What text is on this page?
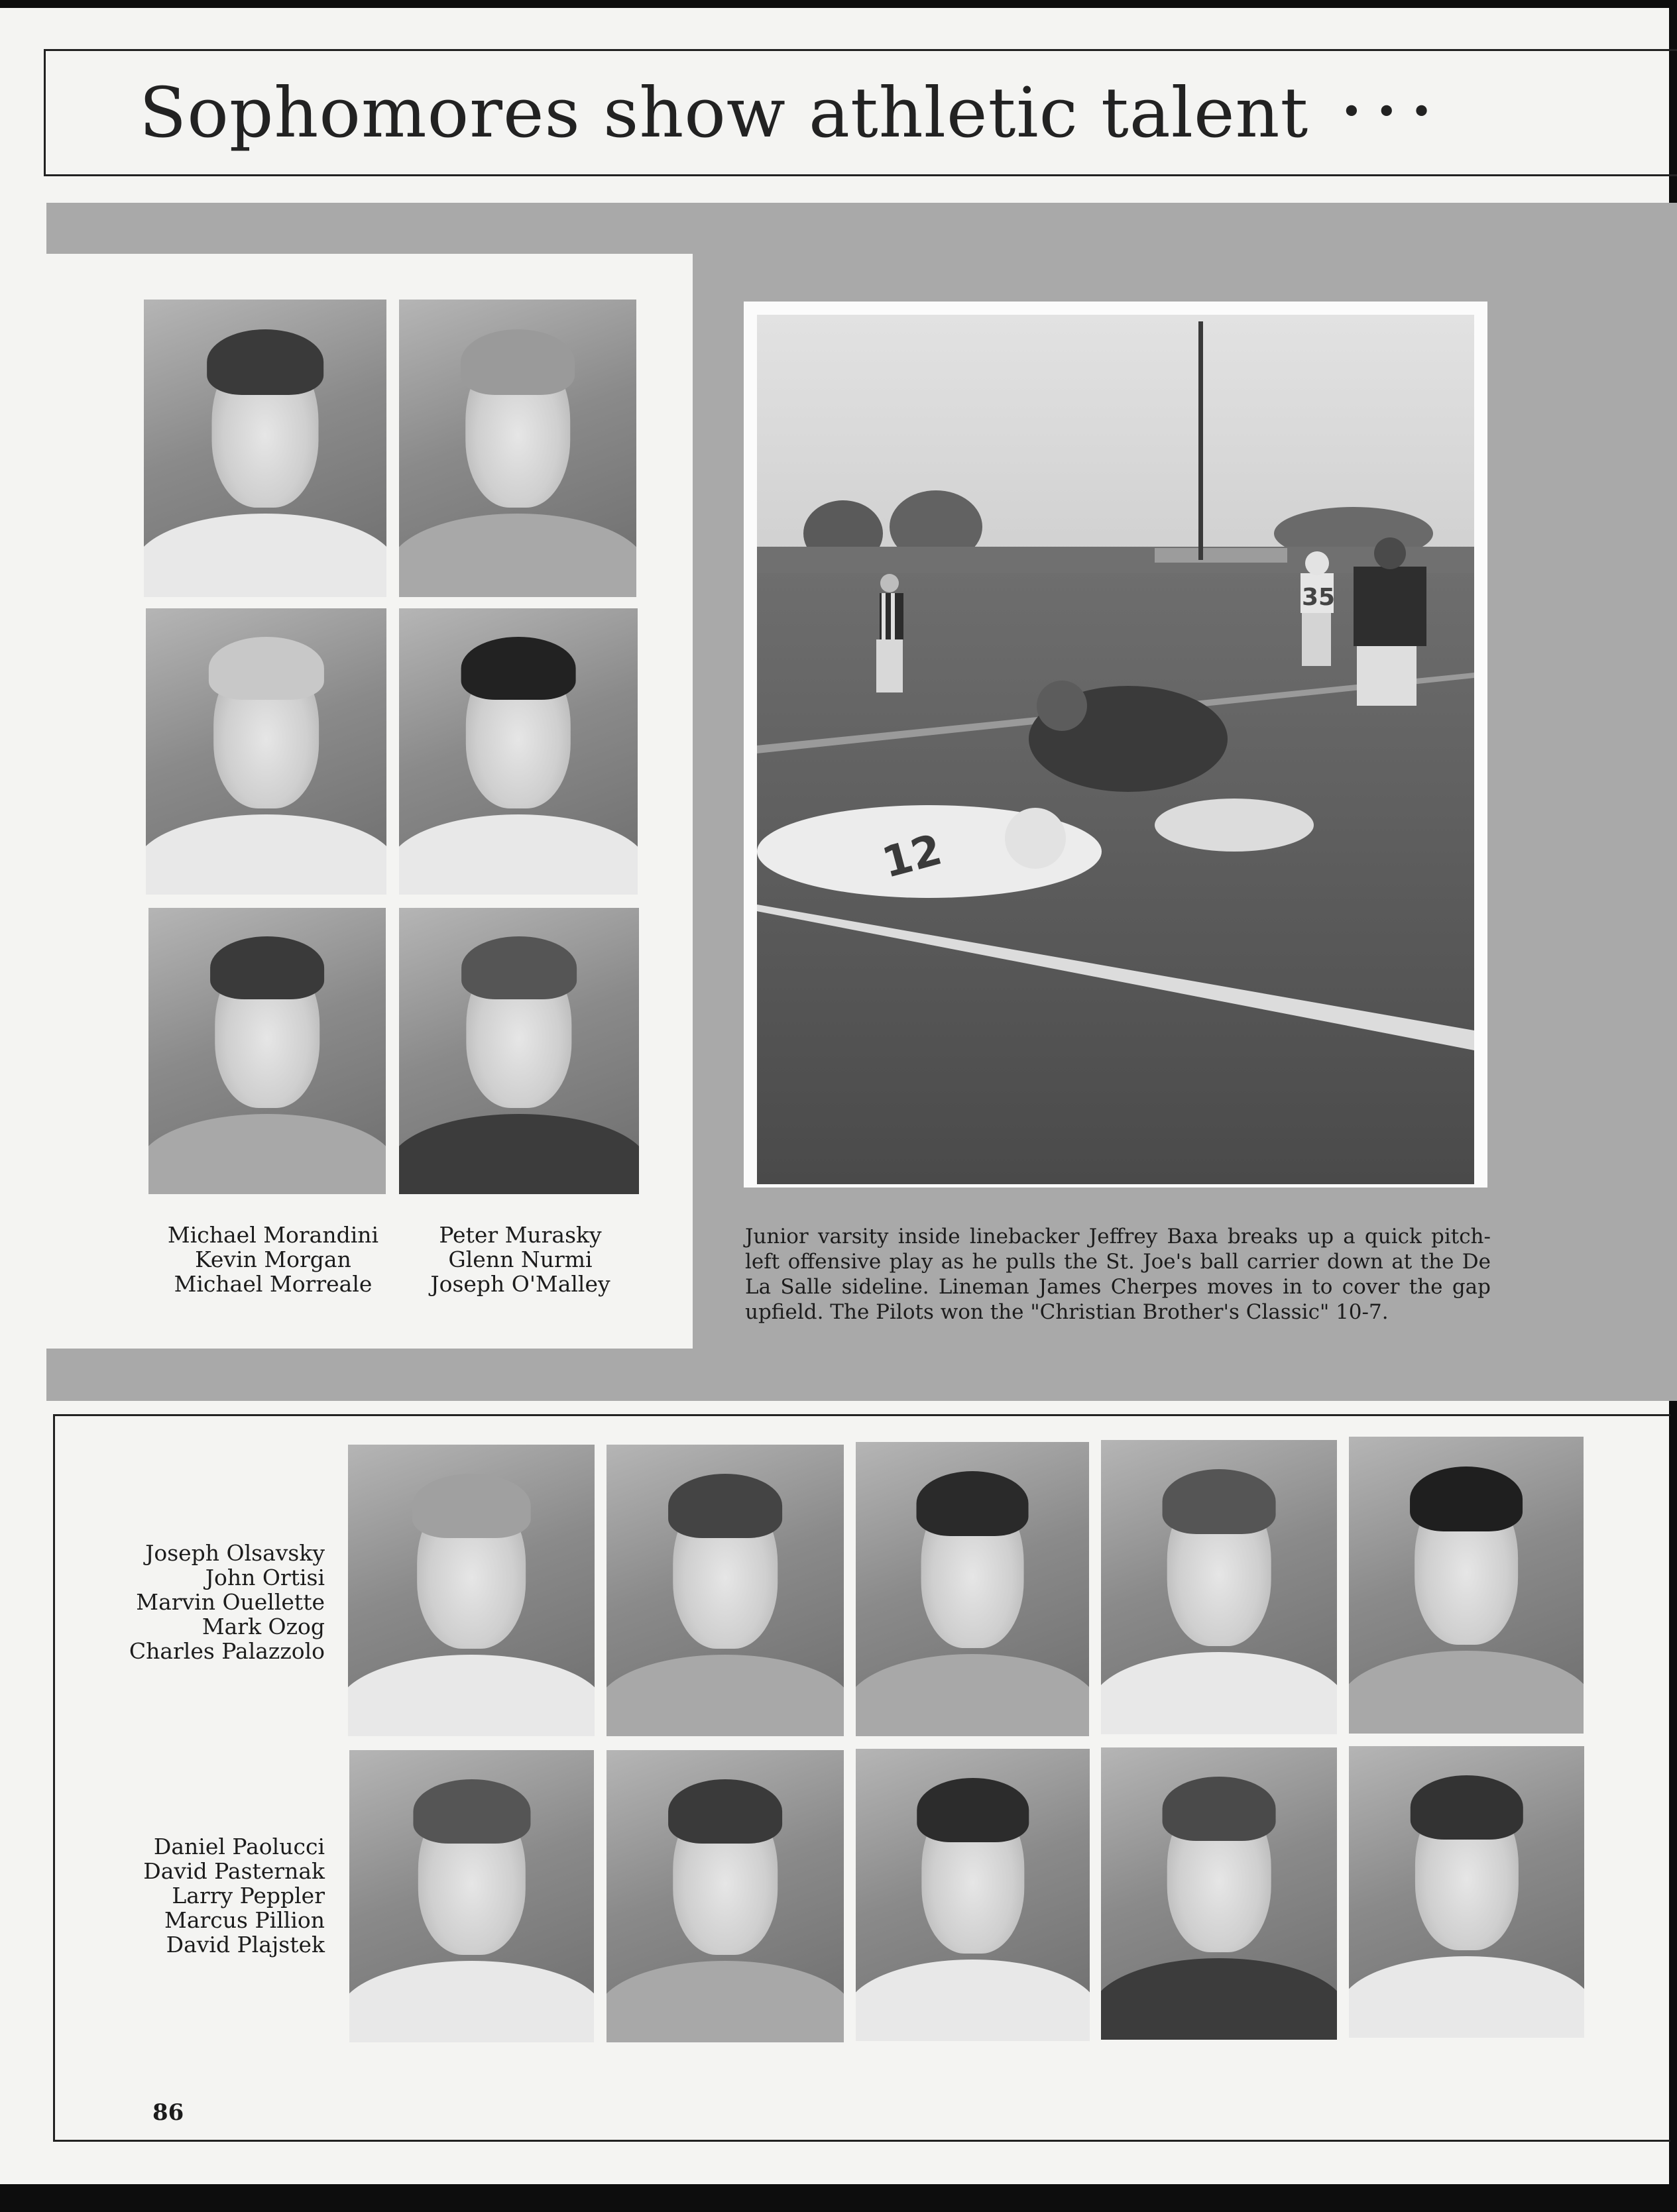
Sophomores show athletic talent • • •
Michael Morandini
Kevin Morgan
Michael Morreale
Peter Murasky
Glenn Nurmi
Joseph O'Malley
35
12
Junior varsity inside linebacker Jeffrey Baxa breaks up a quick pitch-left offensive play as he pulls the St. Joe's ball carrier down at the De La Salle sideline. Lineman James Cherpes moves in to cover the gap upfield. The Pilots won the "Christian Brother's Classic" 10-7.
Joseph Olsavsky
John Ortisi
Marvin Ouellette
Mark Ozog
Charles Palazzolo
Daniel Paolucci
David Pasternak
Larry Peppler
Marcus Pillion
David Plajstek
86
